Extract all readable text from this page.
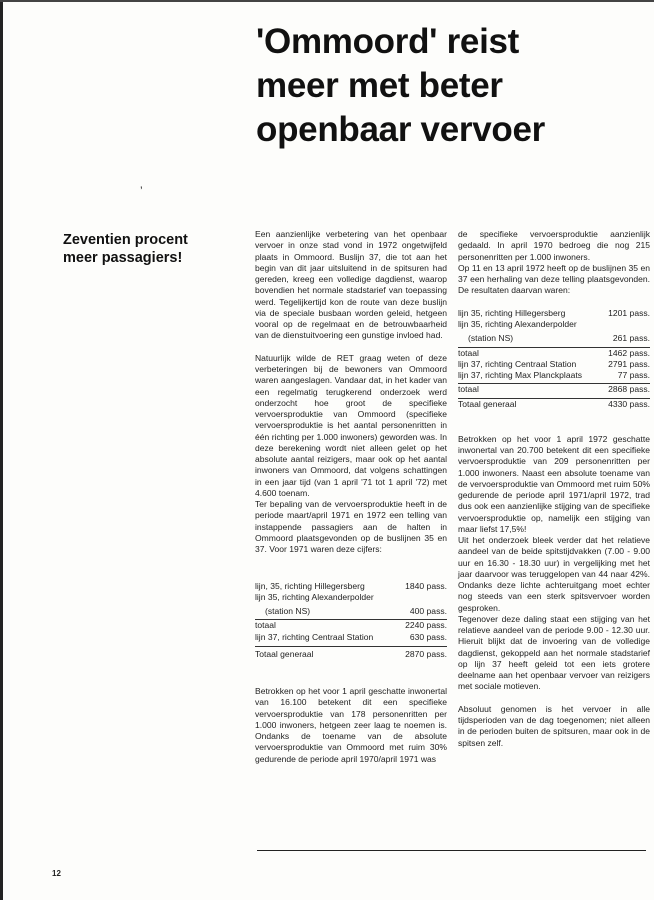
'Ommoord' reist
meer met beter
openbaar vervoer
’
Zeventien procent
meer passagiers!

Een aanzienlijke verbetering van het openbaar vervoer in onze stad vond in 1972 ongetwijfeld plaats in Ommoord. Buslijn 37, die tot aan het begin van dit jaar uitsluitend in de spitsuren had gereden, kreeg een volledige dagdienst, waarop bovendien het normale stadstarief van toepassing werd. Tegelijkertijd kon de route van deze buslijn via de speciale busbaan worden geleid, hetgeen vooral op de regelmaat en de betrouwbaarheid van de dienstuitvoering een gunstige invloed had.

Natuurlijk wilde de RET graag weten of deze verbeteringen bij de bewoners van Ommoord waren aangeslagen. Vandaar dat, in het kader van een regelmatig terugkerend onderzoek werd onderzocht hoe groot de specifieke vervoersproduktie van Ommoord (specifieke vervoersproduktie is het aantal personenritten in één richting per 1.000 inwoners) geworden was. In deze berekening wordt niet alleen gelet op het absolute aantal reizigers, maar ook op het aantal inwoners van Ommoord, dat volgens schattingen in een jaar tijd (van 1 april '71 tot 1 april '72) met 4.600 toenam.

Ter bepaling van de vervoersproduktie heeft in de periode maart/april 1971 en 1972 een telling van instappende passagiers aan de halten in Ommoord plaatsgevonden op de buslijnen 35 en 37. Voor 1971 waren deze cijfers:

lijn, 35, richting Hillegersberg	1840 pass.
lijn 35, richting Alexanderpolder
(station NS)	400 pass.
totaal	2240 pass.
lijn 37, richting Centraal Station	630 pass.
Totaal generaal	2870 pass.

Betrokken op het voor 1 april geschatte inwonertal van 16.100 betekent dit een specifieke vervoersproduktie van 178 personenritten per 1.000 inwoners, hetgeen zeer laag te noemen is. Ondanks de toename van de absolute vervoersproduktie van Ommoord met ruim 30% gedurende de periode april 1970/april 1971 was

de specifieke vervoersproduktie aanzienlijk gedaald. In april 1970 bedroeg die nog 215 personenritten per 1.000 inwoners.

Op 11 en 13 april 1972 heeft op de buslijnen 35 en 37 een herhaling van deze telling plaatsgevonden. De resultaten daarvan waren:

lijn 35, richting Hillegersberg	1201 pass.
lijn 35, richting Alexanderpolder
(station NS)	261 pass.
totaal	1462 pass.
lijn 37, richting Centraal Station	2791 pass.
lijn 37, richting Max Planckplaats	77 pass.
totaal	2868 pass.
Totaal generaal	4330 pass.

Betrokken op het voor 1 april 1972 geschatte inwonertal van 20.700 betekent dit een specifieke vervoersproduktie van 209 personenritten per 1.000 inwoners. Naast een absolute toename van de vervoersproduktie van Ommoord met ruim 50% gedurende de periode april 1971/april 1972, trad dus ook een aanzienlijke stijging van de specifieke vervoersproduktie op, namelijk een stijging van maar liefst 17,5%!

Uit het onderzoek bleek verder dat het relatieve aandeel van de beide spitstijdvakken (7.00 - 9.00 uur en 16.30 - 18.30 uur) in vergelijking met het jaar daarvoor was teruggelopen van 44 naar 42%. Ondanks deze lichte achteruitgang moet echter nog steeds van een sterk spitsvervoer worden gesproken.

Tegenover deze daling staat een stijging van het relatieve aandeel van de periode 9.00 - 12.30 uur. Hieruit blijkt dat de invoering van de volledige dagdienst, gekoppeld aan het normale stadstarief op lijn 37 heeft geleid tot een iets grotere deelname aan het openbaar vervoer van reizigers met sociale motieven.

Absoluut genomen is het vervoer in alle tijdsperioden van de dag toegenomen; niet alleen in de perioden buiten de spitsuren, maar ook in de spitsen zelf.

12
